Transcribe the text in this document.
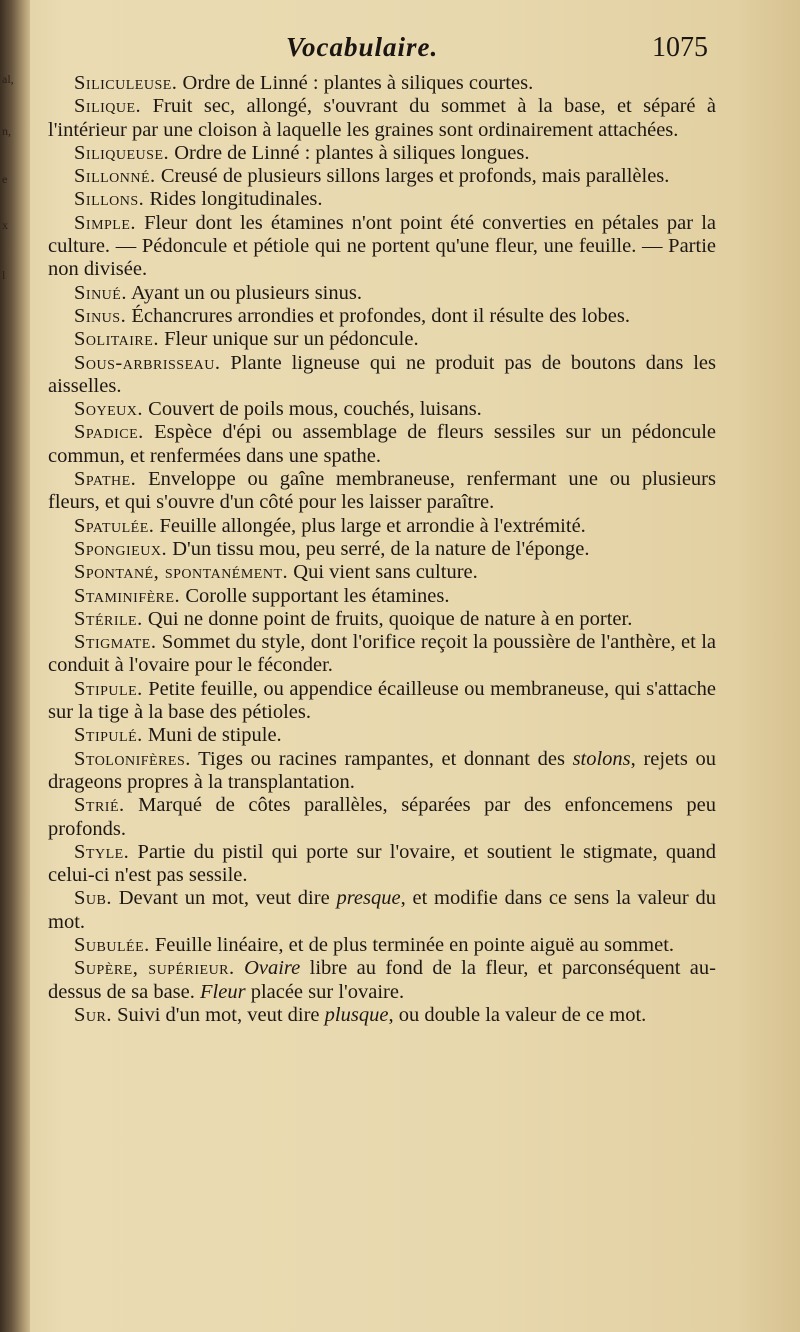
al,
n,
e
x
l
Vocabulaire.	1075

Siliculeuse. Ordre de Linné : plantes à siliques courtes.

Silique. Fruit sec, allongé, s'ouvrant du sommet à la base, et séparé à l'intérieur par une cloison à laquelle les graines sont ordinairement attachées.

Siliqueuse. Ordre de Linné : plantes à siliques longues.

Sillonné. Creusé de plusieurs sillons larges et profonds, mais parallèles.

Sillons. Rides longitudinales.

Simple. Fleur dont les étamines n'ont point été converties en pétales par la culture. — Pédoncule et pétiole qui ne portent qu'une fleur, une feuille. — Partie non divisée.

Sinué. Ayant un ou plusieurs sinus.

Sinus. Échancrures arrondies et profondes, dont il résulte des lobes.

Solitaire. Fleur unique sur un pédoncule.

Sous-arbrisseau. Plante ligneuse qui ne produit pas de boutons dans les aisselles.

Soyeux. Couvert de poils mous, couchés, luisans.

Spadice. Espèce d'épi ou assemblage de fleurs sessiles sur un pédoncule commun, et renfermées dans une spathe.

Spathe. Enveloppe ou gaîne membraneuse, renfermant une ou plusieurs fleurs, et qui s'ouvre d'un côté pour les laisser paraître.

Spatulée. Feuille allongée, plus large et arrondie à l'extrémité.

Spongieux. D'un tissu mou, peu serré, de la nature de l'éponge.

Spontané, spontanément. Qui vient sans culture.

Staminifère. Corolle supportant les étamines.

Stérile. Qui ne donne point de fruits, quoique de nature à en porter.

Stigmate. Sommet du style, dont l'orifice reçoit la poussière de l'anthère, et la conduit à l'ovaire pour le féconder.

Stipule. Petite feuille, ou appendice écailleuse ou membraneuse, qui s'attache sur la tige à la base des pétioles.

Stipulé. Muni de stipule.

Stolonifères. Tiges ou racines rampantes, et donnant des stolons, rejets ou drageons propres à la transplantation.

Strié. Marqué de côtes parallèles, séparées par des enfoncemens peu profonds.

Style. Partie du pistil qui porte sur l'ovaire, et soutient le stigmate, quand celui-ci n'est pas sessile.

Sub. Devant un mot, veut dire presque, et modifie dans ce sens la valeur du mot.

Subulée. Feuille linéaire, et de plus terminée en pointe aiguë au sommet.

Supère, supérieur. Ovaire libre au fond de la fleur, et parconséquent au-dessus de sa base. Fleur placée sur l'ovaire.

Sur. Suivi d'un mot, veut dire plusque, ou double la valeur de ce mot.
